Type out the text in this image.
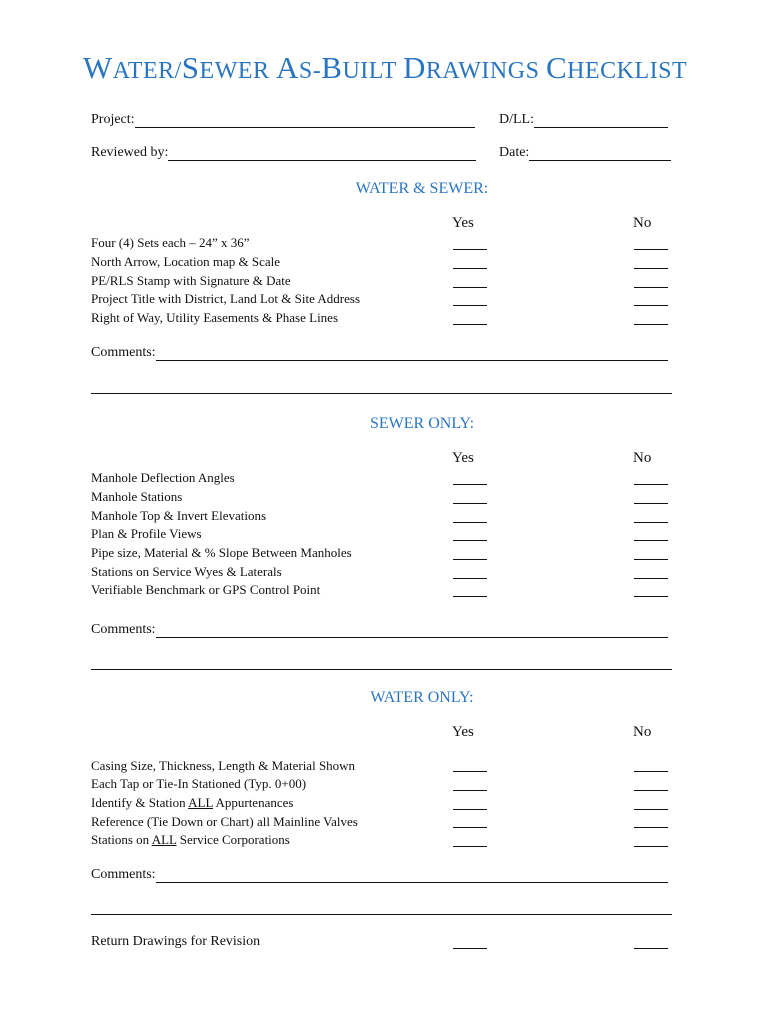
WATER/SEWER AS-BUILT DRAWINGS CHECKLIST
Project:	D/LL:
Reviewed by:	Date:
WATER & SEWER:
Yes	No
Four (4) Sets each – 24” x 36”
North Arrow, Location map & Scale
PE/RLS Stamp with Signature & Date
Project Title with District, Land Lot & Site Address
Right of Way, Utility Easements & Phase Lines
Comments:
SEWER ONLY:
Yes	No
Manhole Deflection Angles
Manhole Stations
Manhole Top & Invert Elevations
Plan & Profile Views
Pipe size, Material & % Slope Between Manholes
Stations on Service Wyes & Laterals
Verifiable Benchmark or GPS Control Point
Comments:
WATER ONLY:
Yes	No
Casing Size, Thickness, Length & Material Shown
Each Tap or Tie-In Stationed (Typ. 0+00)
Identify & Station ALL Appurtenances
Reference (Tie Down or Chart) all Mainline Valves
Stations on ALL Service Corporations
Comments:
Return Drawings for Revision
